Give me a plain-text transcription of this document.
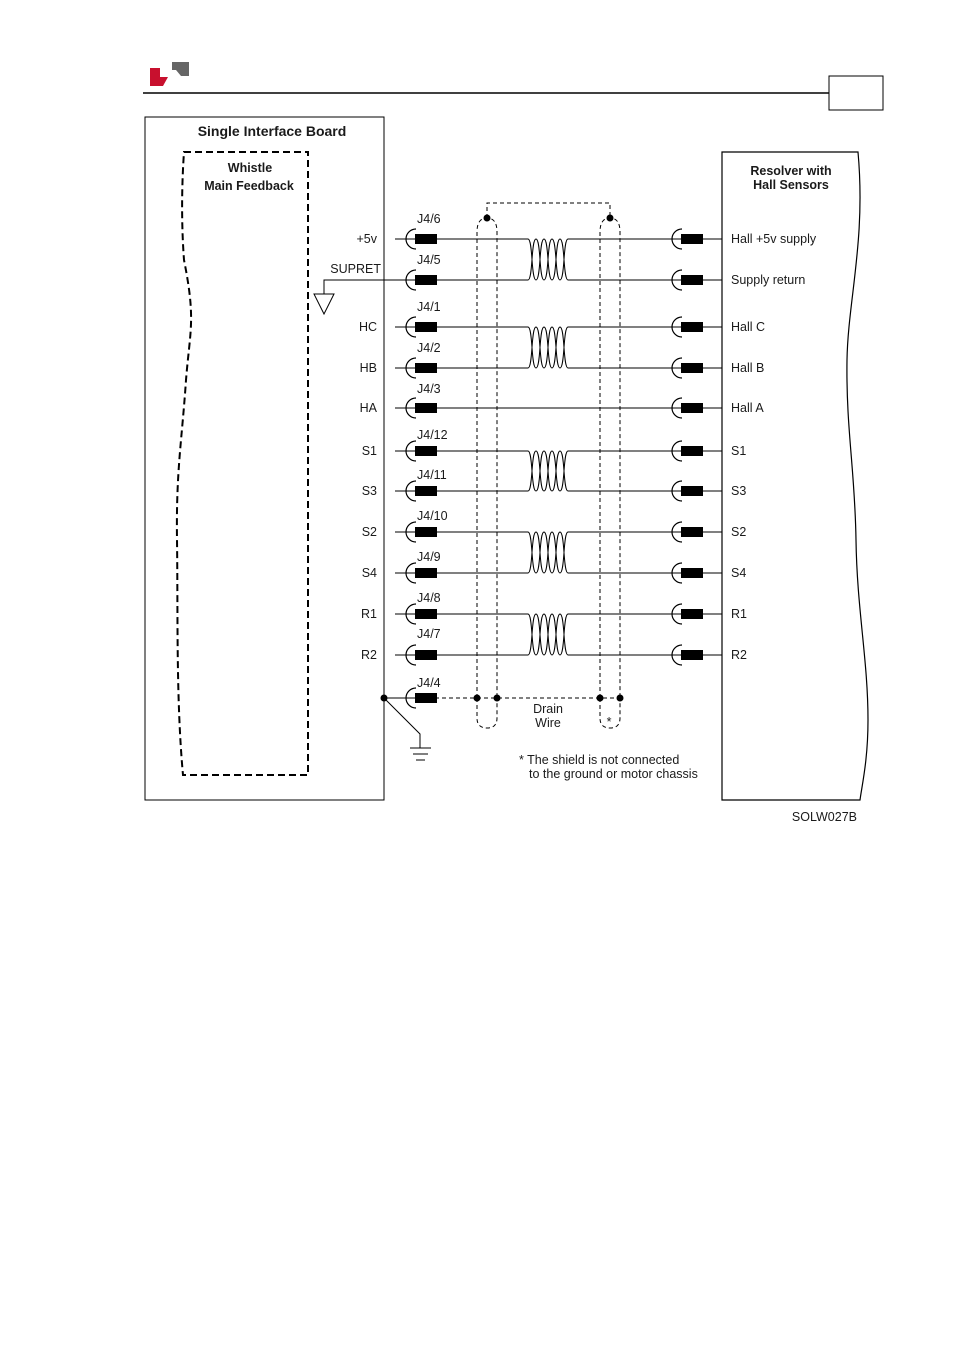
Single Interface Board
Whistle
Main Feedback
Resolver with
Hall Sensors
+5v
J4/6
Hall +5v supply
SUPRET
J4/5
Supply return
HC
J4/1
Hall C
HB
J4/2
Hall B
HA
J4/3
Hall A
S1
J4/12
S1
S3
J4/11
S3
S2
J4/10
S2
S4
J4/9
S4
R1
J4/8
R1
R2
J4/7
R2
J4/4
Drain
Wire	*
* The shield is not connected
to the ground or motor chassis
SOLW027B
